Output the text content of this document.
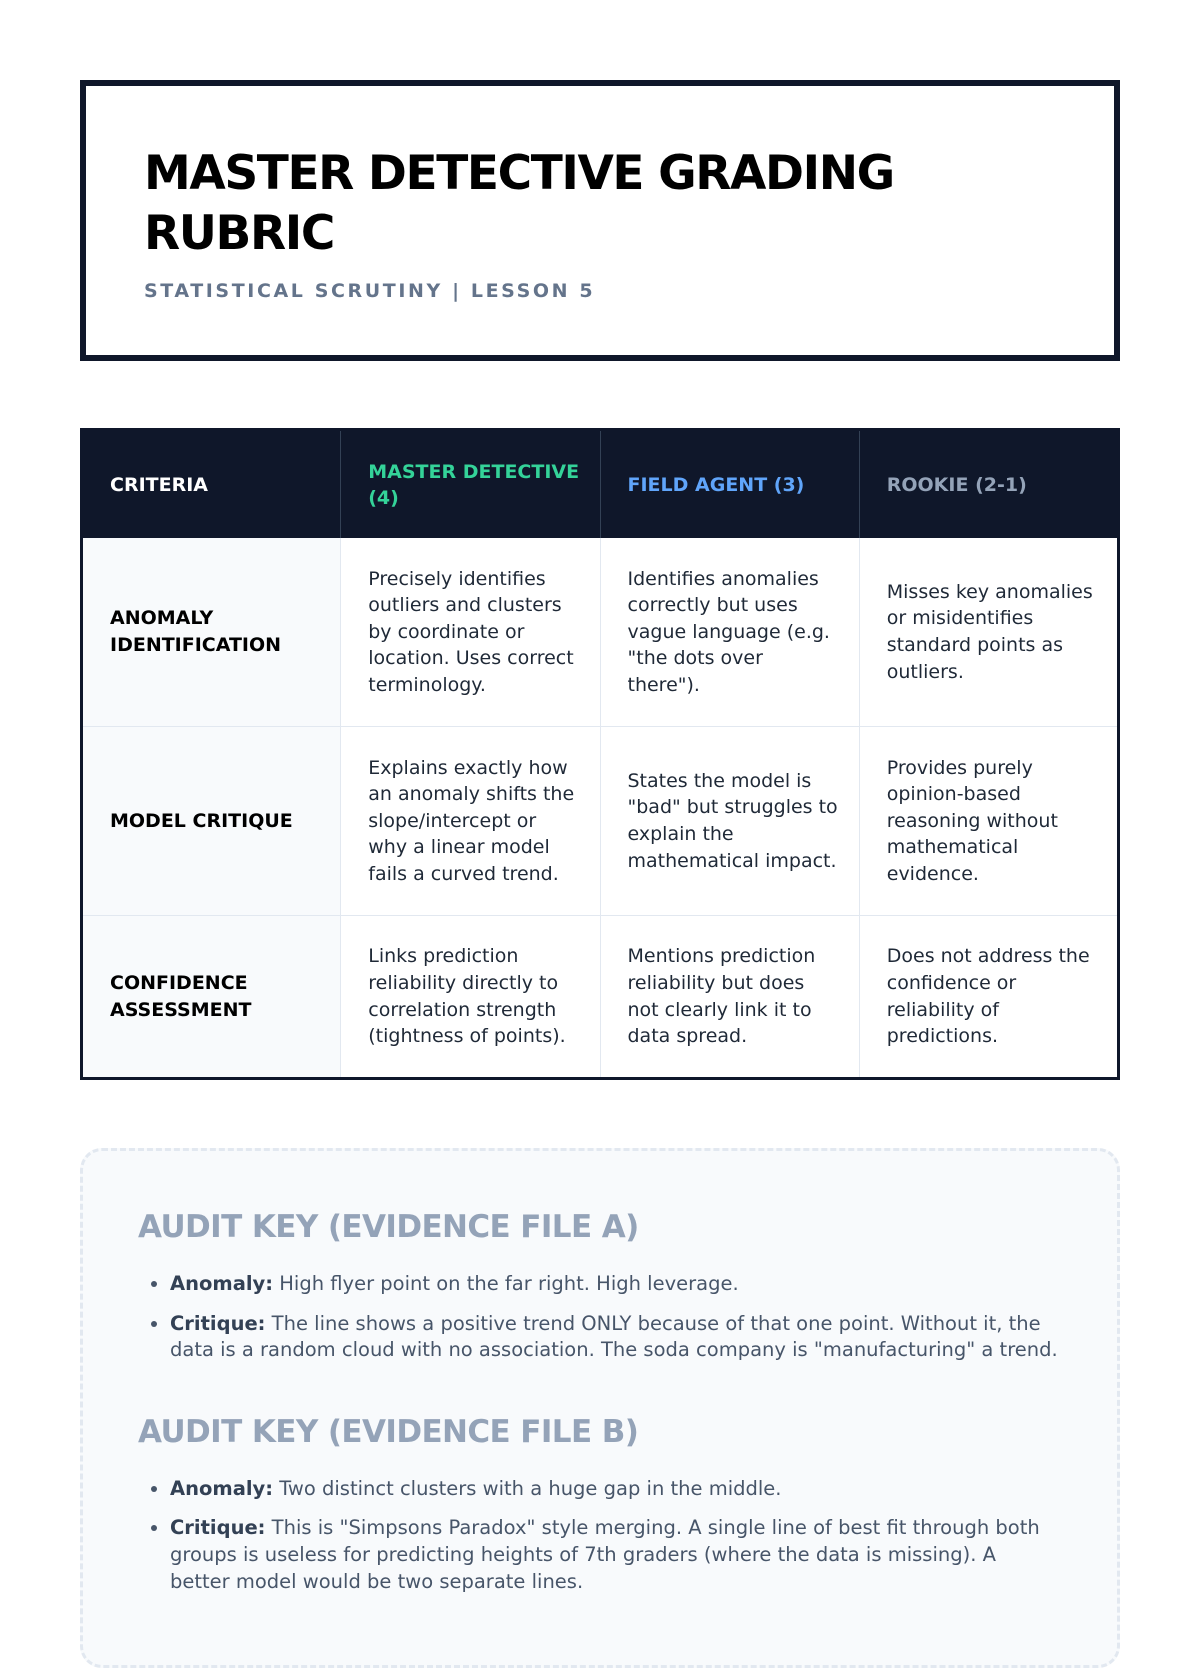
MASTER DETECTIVE GRADING RUBRIC
STATISTICAL SCRUTINY | LESSON 5
CRITERIA	MASTER DETECTIVE (4)	FIELD AGENT (3)	ROOKIE (2-1)
ANOMALY IDENTIFICATION	Precisely identifies outliers and clusters by coordinate or location. Uses correct terminology.	Identifies anomalies correctly but uses vague language (e.g. "the dots over there").	Misses key anomalies or misidentifies standard points as outliers.
MODEL CRITIQUE	Explains exactly how an anomaly shifts the slope/intercept or why a linear model fails a curved trend.	States the model is "bad" but struggles to explain the mathematical impact.	Provides purely opinion-based reasoning without mathematical evidence.
CONFIDENCE ASSESSMENT	Links prediction reliability directly to correlation strength (tightness of points).	Mentions prediction reliability but does not clearly link it to data spread.	Does not address the confidence or reliability of predictions.
AUDIT KEY (EVIDENCE FILE A)
• Anomaly: High flyer point on the far right. High leverage.
• Critique: The line shows a positive trend ONLY because of that one point. Without it, the data is a random cloud with no association. The soda company is "manufacturing" a trend.
AUDIT KEY (EVIDENCE FILE B)
• Anomaly: Two distinct clusters with a huge gap in the middle.
• Critique: This is "Simpsons Paradox" style merging. A single line of best fit through both groups is useless for predicting heights of 7th graders (where the data is missing). A better model would be two separate lines.
